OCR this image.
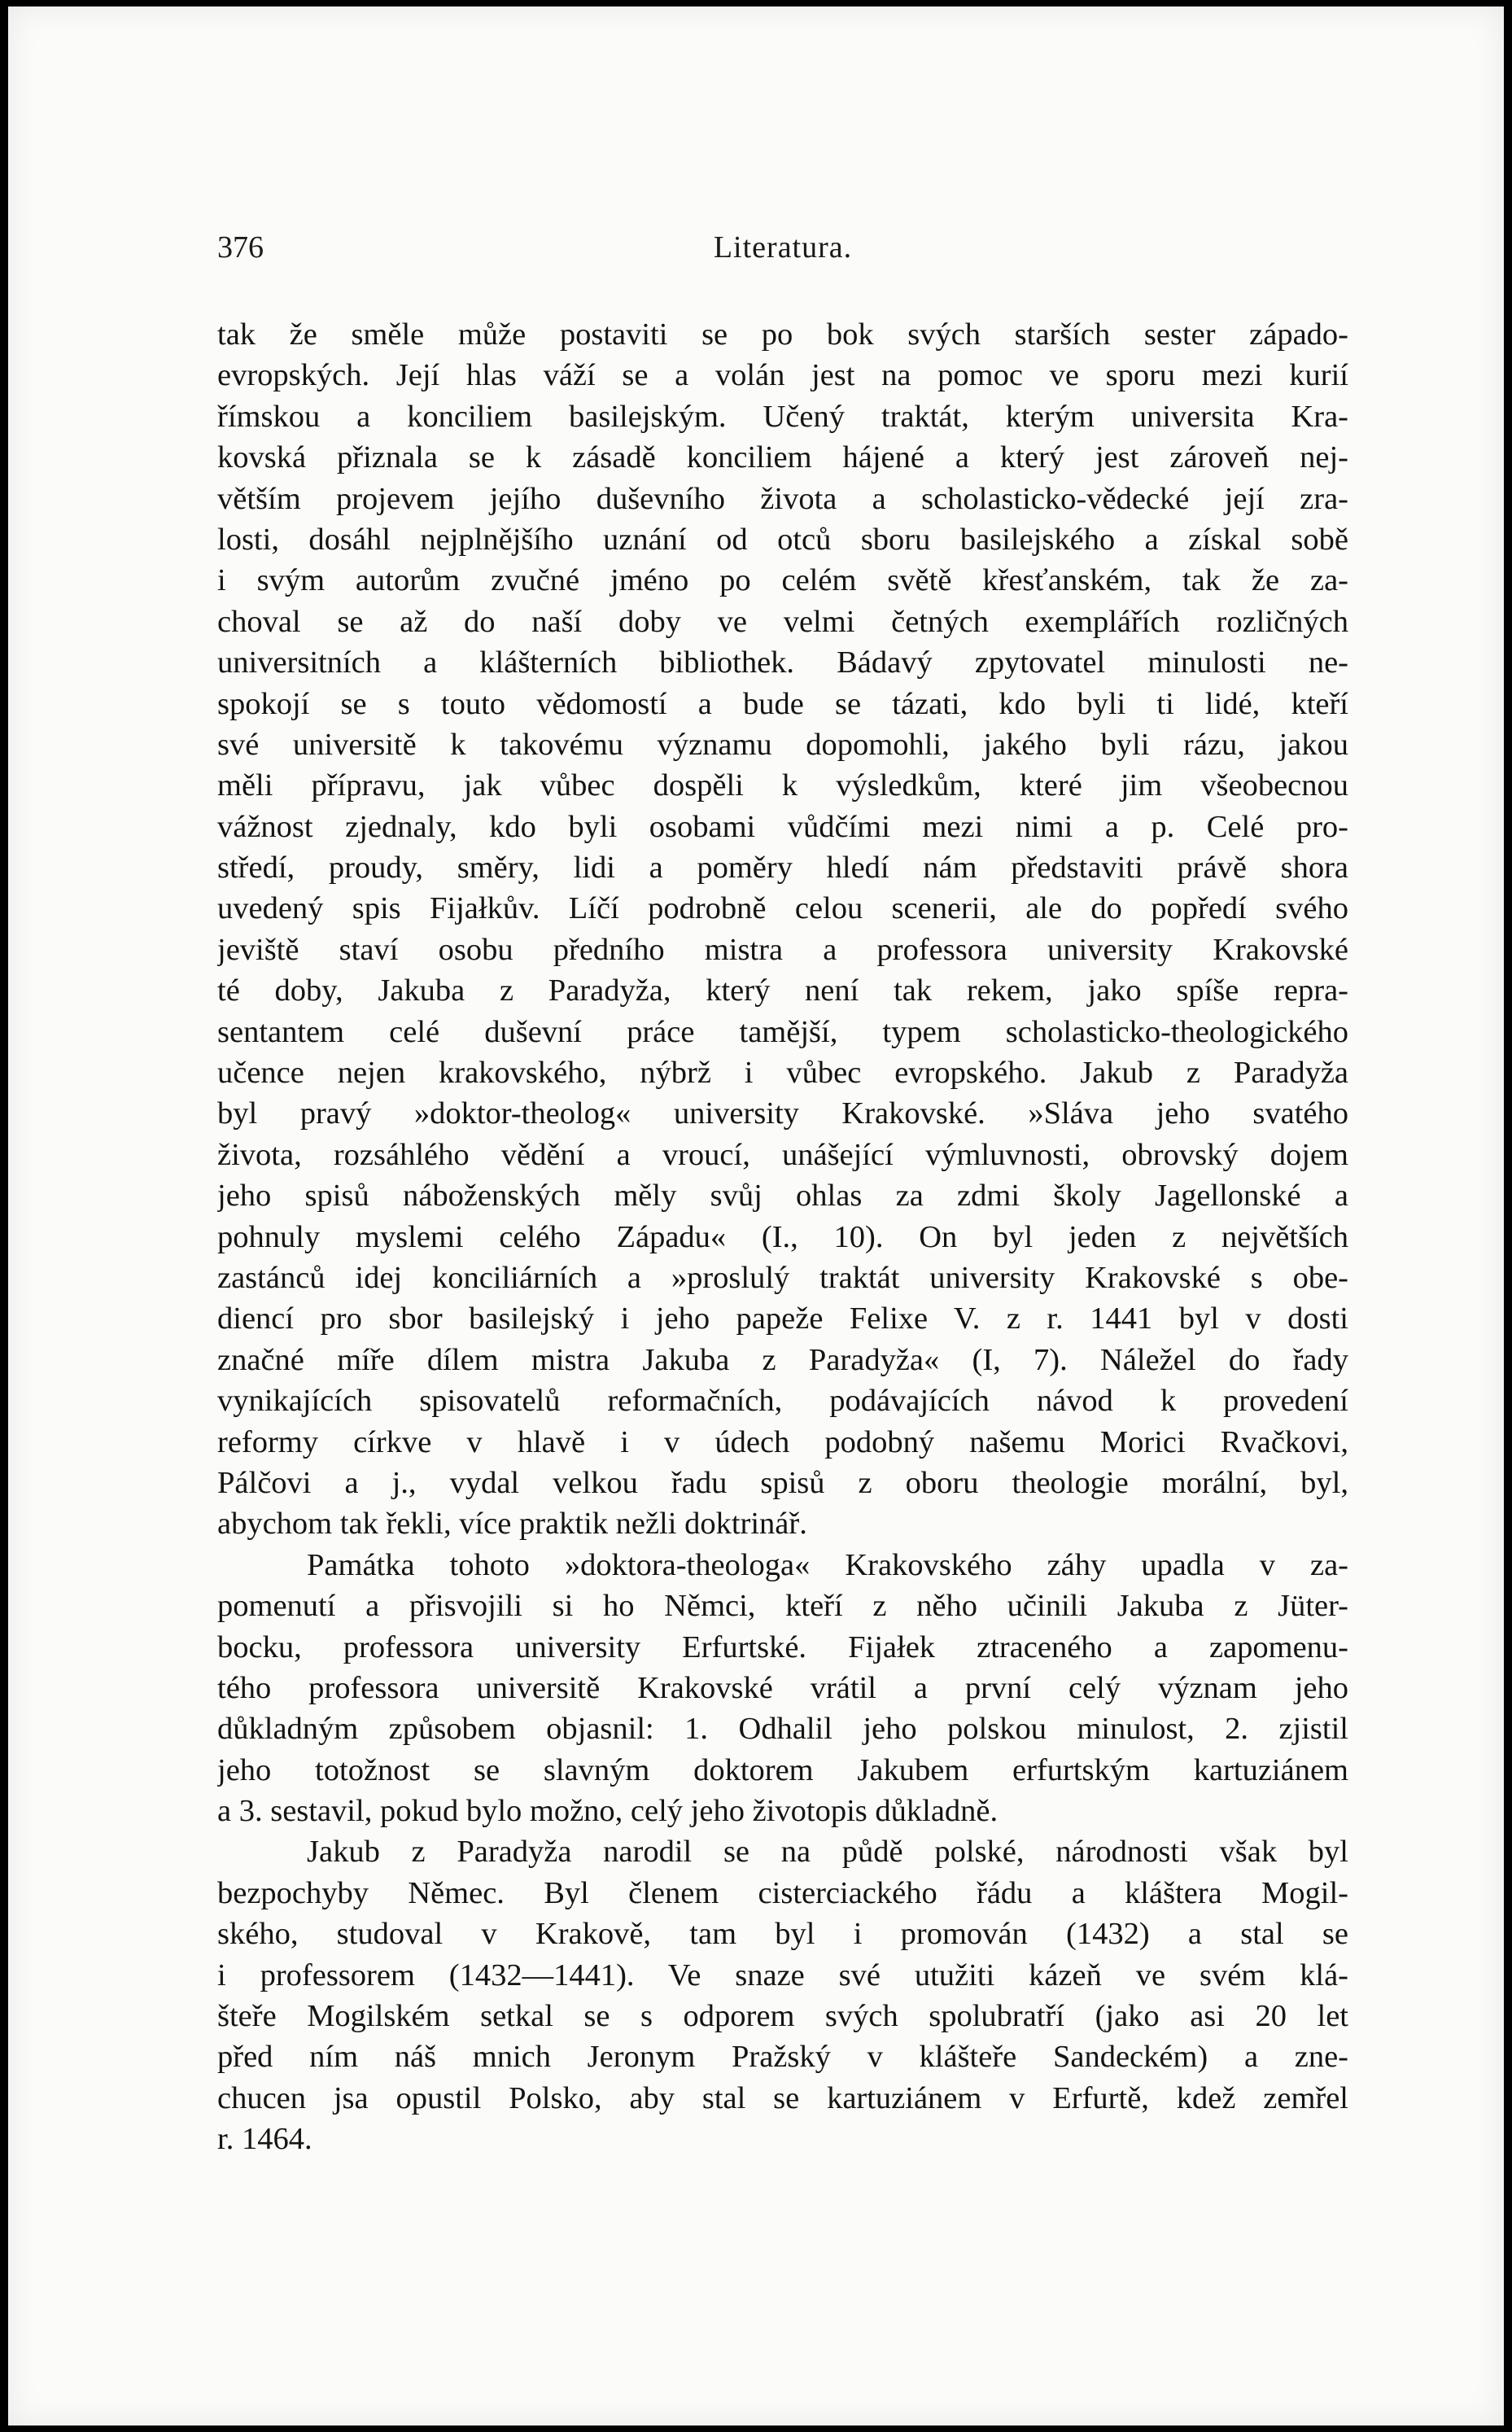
376	Literatura.
tak že směle může postaviti se po bok svých starších sester západo-
evropských. Její hlas váží se a volán jest na pomoc ve sporu mezi kurií
římskou a konciliem basilejským. Učený traktát, kterým universita Kra-
kovská přiznala se k zásadě konciliem hájené a který jest zároveň nej-
větším projevem jejího duševního života a scholasticko-vědecké její zra-
losti, dosáhl nejplnějšího uznání od otců sboru basilejského a získal sobě
i svým autorům zvučné jméno po celém světě křesťanském, tak že za-
choval se až do naší doby ve velmi četných exemplářích rozličných
universitních a klášterních bibliothek. Bádavý zpytovatel minulosti ne-
spokojí se s touto vědomostí a bude se tázati, kdo byli ti lidé, kteří
své universitě k takovému významu dopomohli, jakého byli rázu, jakou
měli přípravu, jak vůbec dospěli k výsledkům, které jim všeobecnou
vážnost zjednaly, kdo byli osobami vůdčími mezi nimi a p. Celé pro-
středí, proudy, směry, lidi a poměry hledí nám představiti právě shora
uvedený spis Fijałkův. Líčí podrobně celou scenerii, ale do popředí svého
jeviště staví osobu předního mistra a professora university Krakovské
té doby, Jakuba z Paradyža, který není tak rekem, jako spíše repra-
sentantem celé duševní práce tamější, typem scholasticko-theologického
učence nejen krakovského, nýbrž i vůbec evropského. Jakub z Paradyža
byl pravý »doktor-theolog« university Krakovské. »Sláva jeho svatého
života, rozsáhlého vědění a vroucí, unášející výmluvnosti, obrovský dojem
jeho spisů náboženských měly svůj ohlas za zdmi školy Jagellonské a
pohnuly myslemi celého Západu« (I., 10). On byl jeden z největších
zastánců idej konciliárních a »proslulý traktát university Krakovské s obe-
diencí pro sbor basilejský i jeho papeže Felixe V. z r. 1441 byl v dosti
značné míře dílem mistra Jakuba z Paradyža« (I, 7). Náležel do řady
vynikajících spisovatelů reformačních, podávajících návod k provedení
reformy církve v hlavě i v údech podobný našemu Morici Rvačkovi,
Pálčovi a j., vydal velkou řadu spisů z oboru theologie morální, byl,
abychom tak řekli, více praktik nežli doktrinář.
Památka tohoto »doktora-theologa« Krakovského záhy upadla v za-
pomenutí a přisvojili si ho Němci, kteří z něho učinili Jakuba z Jüter-
bocku, professora university Erfurtské. Fijałek ztraceného a zapomenu-
tého professora universitě Krakovské vrátil a první celý význam jeho
důkladným způsobem objasnil: 1. Odhalil jeho polskou minulost, 2. zjistil
jeho totožnost se slavným doktorem Jakubem erfurtským kartuziánem
a 3. sestavil, pokud bylo možno, celý jeho životopis důkladně.
Jakub z Paradyža narodil se na půdě polské, národnosti však byl
bezpochyby Němec. Byl členem cisterciackého řádu a kláštera Mogil-
ského, studoval v Krakově, tam byl i promován (1432) a stal se
i professorem (1432—1441). Ve snaze své utužiti kázeň ve svém klá-
šteře Mogilském setkal se s odporem svých spolubratří (jako asi 20 let
před ním náš mnich Jeronym Pražský v klášteře Sandeckém) a zne-
chucen jsa opustil Polsko, aby stal se kartuziánem v Erfurtě, kdež zemřel
r. 1464.
